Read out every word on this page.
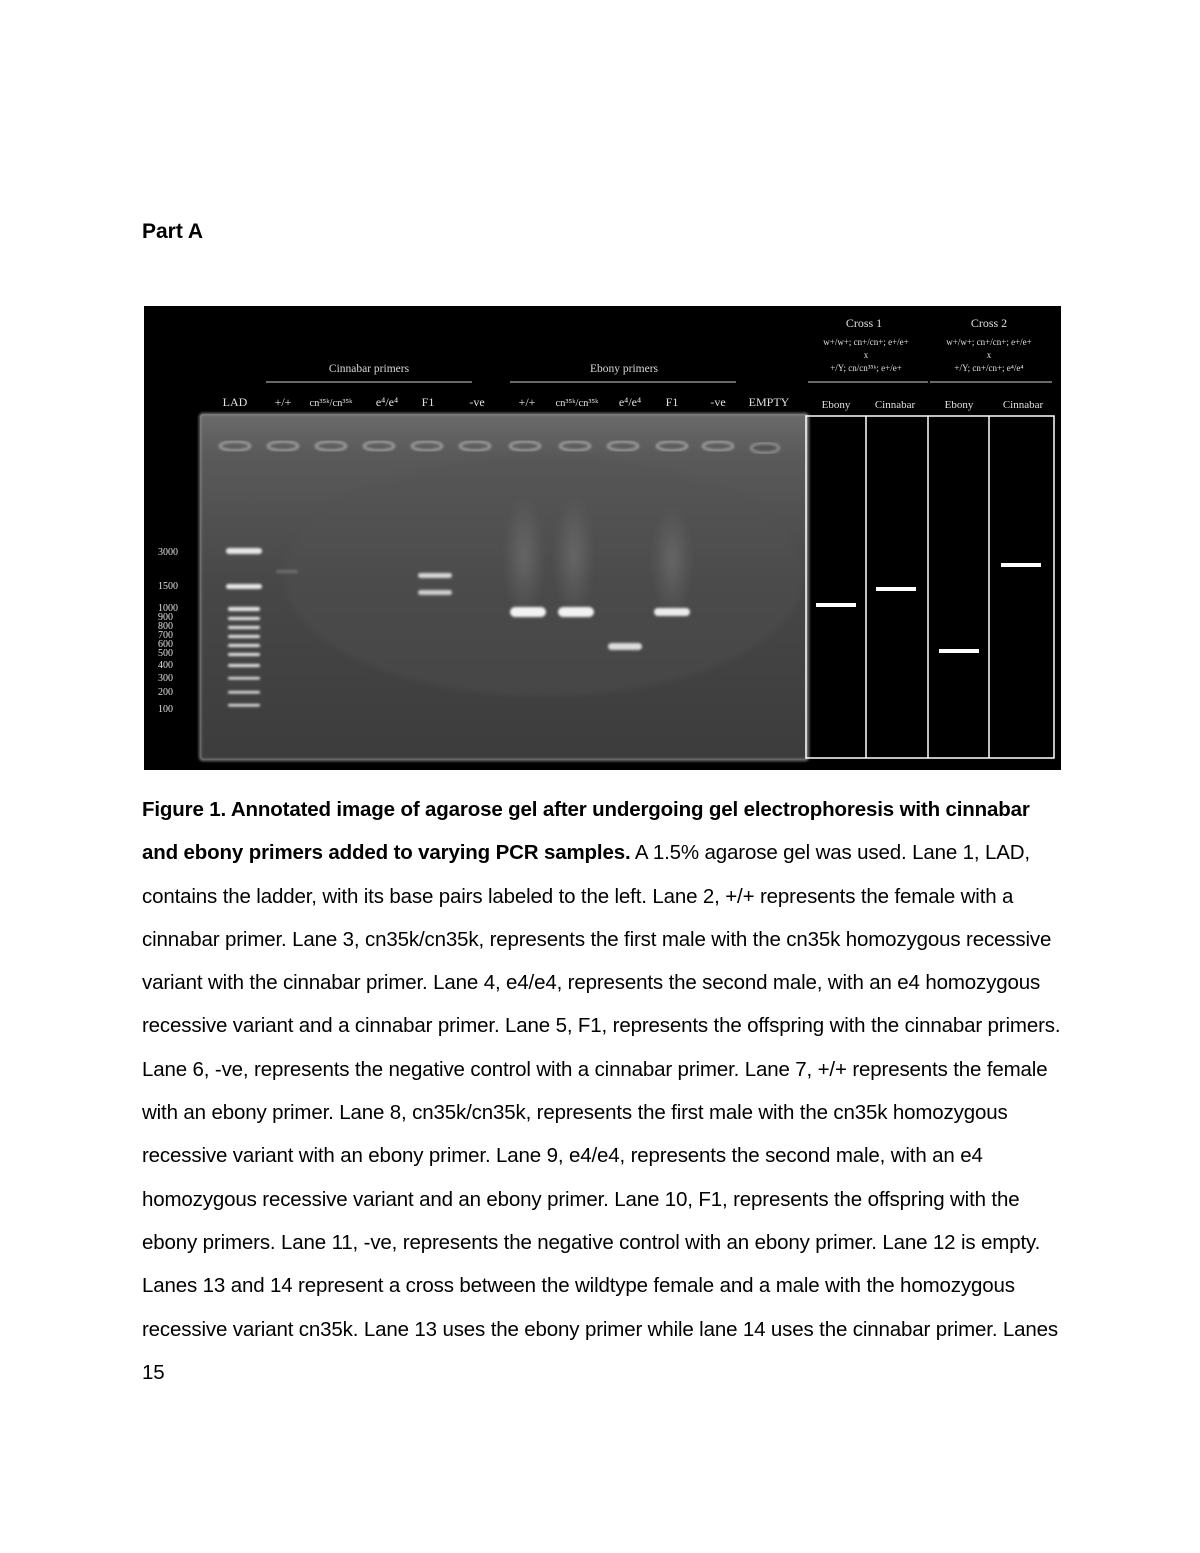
Part A
3000
1500
1000
900
800
700
600
500
400
300
200
100
Cinnabar primers	Ebony primers
LAD +/+ cn³⁵ᵏ/cn³⁵ᵏ e⁴/e⁴ F1	-ve	+/+ cn³⁵ᵏ/cn³⁵ᵏ e⁴/e⁴ F1	-ve EMPTY
Cross 1
w+/w+; cn+/cn+; e+/e+
x
+/Y; cn/cn³⁵ᵏ; e+/e+
Cross 2
w+/w+; cn+/cn+; e+/e+
x
+/Y; cn+/cn+; e⁴/e⁴
Ebony Cinnabar	Ebony	Cinnabar
Figure 1. Annotated image of agarose gel after undergoing gel electrophoresis with cinnabar and ebony primers added to varying PCR samples. A 1.5% agarose gel was used. Lane 1, LAD, contains the ladder, with its base pairs labeled to the left. Lane 2, +/+ represents the female with a cinnabar primer. Lane 3, cn35k/cn35k, represents the first male with the cn35k homozygous recessive variant with the cinnabar primer. Lane 4, e4/e4, represents the second male, with an e4 homozygous recessive variant and a cinnabar primer. Lane 5, F1, represents the offspring with the cinnabar primers. Lane 6, -ve, represents the negative control with a cinnabar primer. Lane 7, +/+ represents the female with an ebony primer. Lane 8, cn35k/cn35k, represents the first male with the cn35k homozygous recessive variant with an ebony primer. Lane 9, e4/e4, represents the second male, with an e4 homozygous recessive variant and an ebony primer. Lane 10, F1, represents the offspring with the ebony primers. Lane 11, -ve, represents the negative control with an ebony primer. Lane 12 is empty. Lanes 13 and 14 represent a cross between the wildtype female and a male with the homozygous recessive variant cn35k. Lane 13 uses the ebony primer while lane 14 uses the cinnabar primer. Lanes 15
